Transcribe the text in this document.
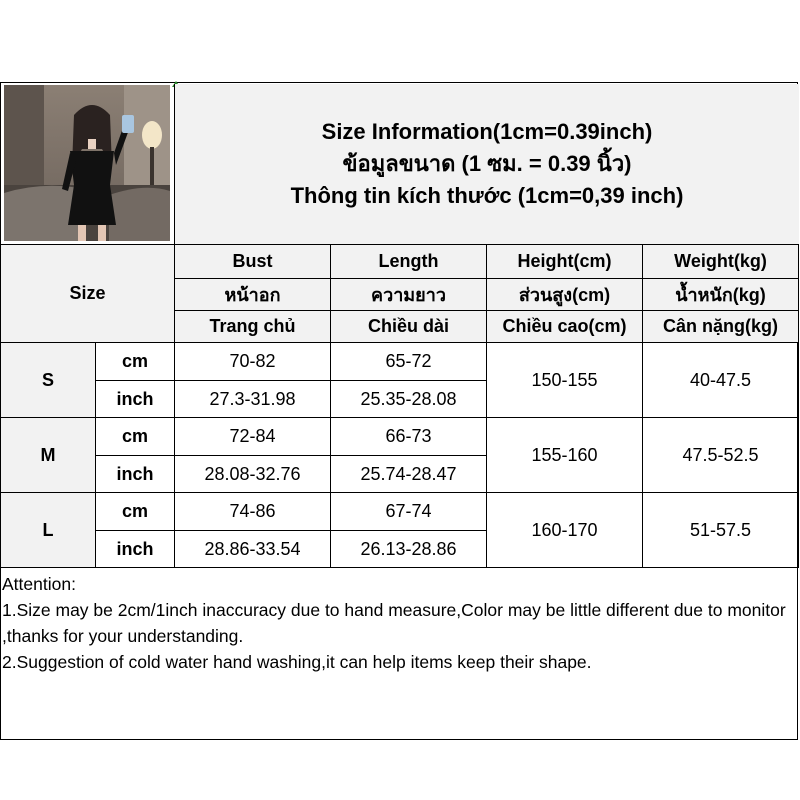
Size Information(1cm=0.39inch)
ข้อมูลขนาด (1 ซม. = 0.39 นิ้ว)
Thông tin kích thước (1cm=0,39 inch)
Size		Bust	Length	Height(cm)	Weight(kg)
		หน้าอก	ความยาว	ส่วนสูง(cm)	น้ำหนัก(kg)
		Trang chủ	Chiều dài	Chiều cao(cm)	Cân nặng(kg)
S	cm	70-82	65-72	150-155	40-47.5
	inch	27.3-31.98	25.35-28.08		
M	cm	72-84	66-73	155-160	47.5-52.5
	inch	28.08-32.76	25.74-28.47		
L	cm	74-86	67-74	160-170	51-57.5
	inch	28.86-33.54	26.13-28.86		
Attention:
1.Size may be 2cm/1inch inaccuracy due to hand measure,Color may be little different due to monitor ,thanks for your understanding.
2.Suggestion of cold water hand washing,it can help items keep their shape.
